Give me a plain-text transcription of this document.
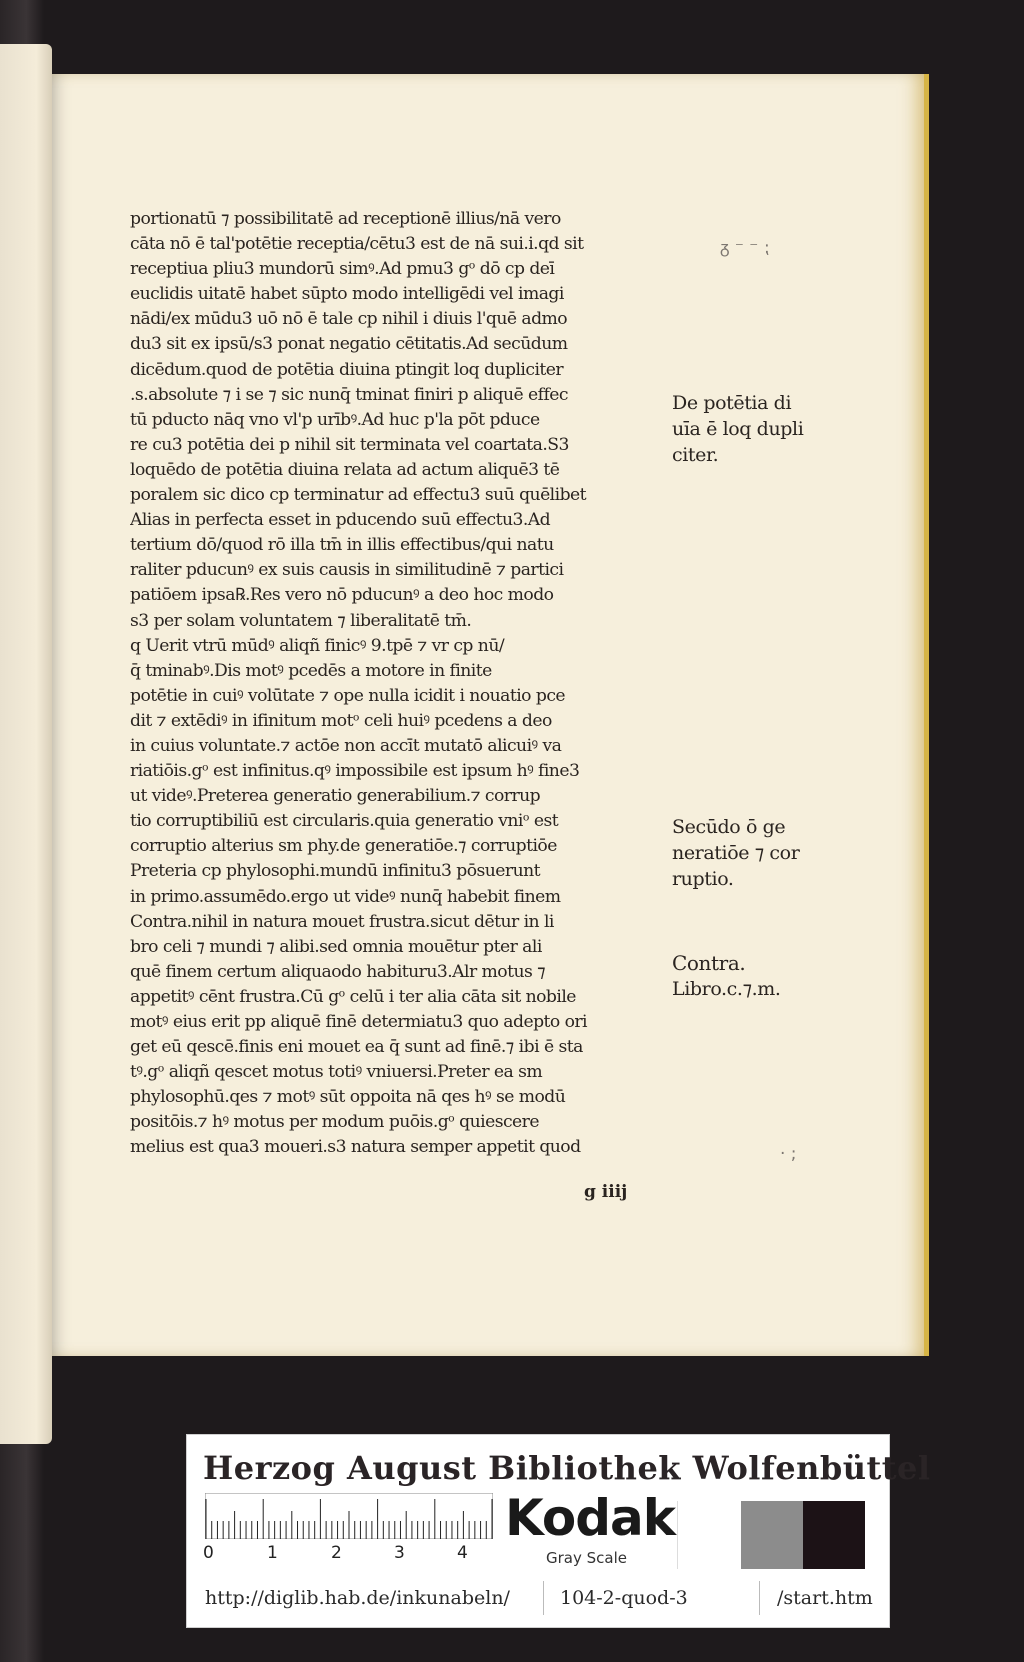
ᵹ ⁻ ⁻ ⁏
· ;
portionatū ⁊ possibilitatē ad receptionē illius/nā vero
cāta nō ē tal'potētie receptia/cētu3 est de nā sui.i.qd sit
receptiua pliu3 mundorū simꝰ.Ad pmu3 gᵒ dō cp deī
euclidis uitatē habet sūpto modo intelligēdi vel imagi
nādi/ex mūdu3 uō nō ē tale cp nihil i diuis l'quē admo
du3 sit ex ipsū/s3 ponat negatio cētitatis.Ad secūdum
dicēdum.quod de potētia diuina ptingit loq dupliciter
.s.absolute ⁊ i se ⁊ sic nunq̄ tminat finiri p aliquē effec
tū pducto nāq vno vl'p urībꝰ.Ad huc p'la pōt pduce
re cu3 potētia dei p nihil sit terminata vel coartata.S3
loquēdo de potētia diuina relata ad actum aliquē3 tē
poralem sic dico cp terminatur ad effectu3 suū quēlibet
Alias in perfecta esset in pducendo suū effectu3.Ad
tertium dō/quod rō illa tm̄ in illis effectibus/qui natu
raliter pducunꝰ ex suis causis in similitudinē ⁊ partici
patiōem ipsa℞.Res vero nō pducunꝰ a deo hoc modo
s3 per solam voluntatem ⁊ liberalitatē tm̄.
q Uerit vtrū mūdꝰ aliqñ finicꝰ 9.tpē ⁊ vr cp nū/
q̄ tminabꝰ.Dis motꝰ pcedēs a motore in finite
potētie in cuiꝰ volūtate ⁊ ope nulla icidit i nouatio pce
dit ⁊ extēdiꝰ in ifinitum motᵒ celi huiꝰ pcedens a deo
in cuius voluntate.⁊ actōe non accīt mutatō alicuiꝰ va
riatiōis.gᵒ est infinitus.qꝰ impossibile est ipsum hꝰ fine3
ut videꝰ.Preterea generatio generabilium.⁊ corrup
tio corruptibiliū est circularis.quia generatio vniᵒ est
corruptio alterius sm phy.de generatiōe.⁊ corruptiōe
Preteria cp phylosophi.mundū infinitu3 pōsuerunt
in primo.assumēdo.ergo ut videꝰ nunq̄ habebit finem
Contra.nihil in natura mouet frustra.sicut dētur in li
bro celi ⁊ mundi ⁊ alibi.sed omnia mouētur pter ali
quē finem certum aliquaodo habituru3.Alr motus ⁊
appetitꝰ cēnt frustra.Cū gᵒ celū i ter alia cāta sit nobile
motꝰ eius erit pp aliquē finē determiatu3 quo adepto ori
get eū qescē.finis eni mouet ea q̄ sunt ad finē.⁊ ibi ē sta
tꝰ.gᵒ aliqñ qescet motus totiꝰ vniuersi.Preter ea sm
phylosophū.qes ⁊ motꝰ sūt oppoita nā qes hꝰ se modū
positōis.⁊ hꝰ motus per modum puōis.gᵒ quiescere
melius est qua3 moueri.s3 natura semper appetit quod
De potētia di
uīa ē loq dupli
citer.
Secūdo ō ge
neratiōe ⁊ cor
ruptio.
Contra.
Libro.c.⁊.m.
g iiij
Herzog August Bibliothek Wolfenbüttel
0	1	2	3	4
Kodak
Gray Scale
http://diglib.hab.de/inkunabeln/	104-2-quod-3	/start.htm
